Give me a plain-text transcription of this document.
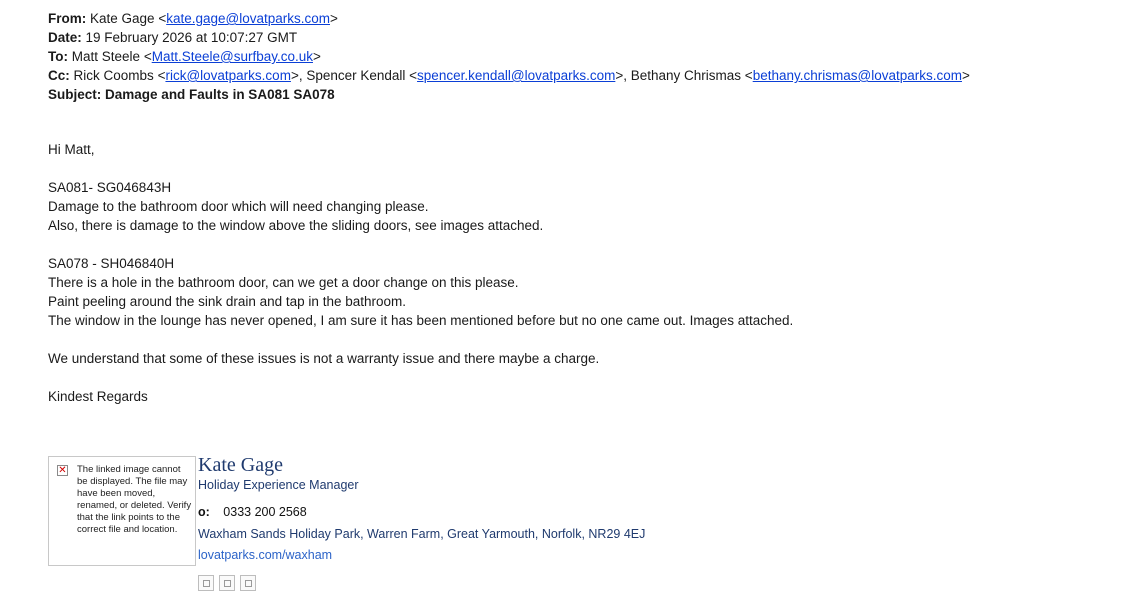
From: Kate Gage <kate.gage@lovatparks.com>
Date: 19 February 2026 at 10:07:27 GMT
To: Matt Steele <Matt.Steele@surfbay.co.uk>
Cc: Rick Coombs <rick@lovatparks.com>, Spencer Kendall <spencer.kendall@lovatparks.com>, Bethany Chrismas <bethany.chrismas@lovatparks.com>
Subject: Damage and Faults in SA081 SA078

Hi Matt,

SA081- SG046843H

Damage to the bathroom door which will need changing please.

Also, there is damage to the window above the sliding doors, see images attached.

SA078 - SH046840H

There is a hole in the bathroom door, can we get a door change on this please.

Paint peeling around the sink drain and tap in the bathroom.

The window in the lounge has never opened, I am sure it has been mentioned before but no one came out. Images attached.

We understand that some of these issues is not a warranty issue and there maybe a charge.

Kindest Regards

✕ The linked image cannot be displayed. The file may have been moved, renamed, or deleted. Verify that the link points to the correct file and location.
Kate Gage
Holiday Experience Manager
o: 0333 200 2568
Waxham Sands Holiday Park, Warren Farm, Great Yarmouth, Norfolk, NR29 4EJ
lovatparks.com/waxham
